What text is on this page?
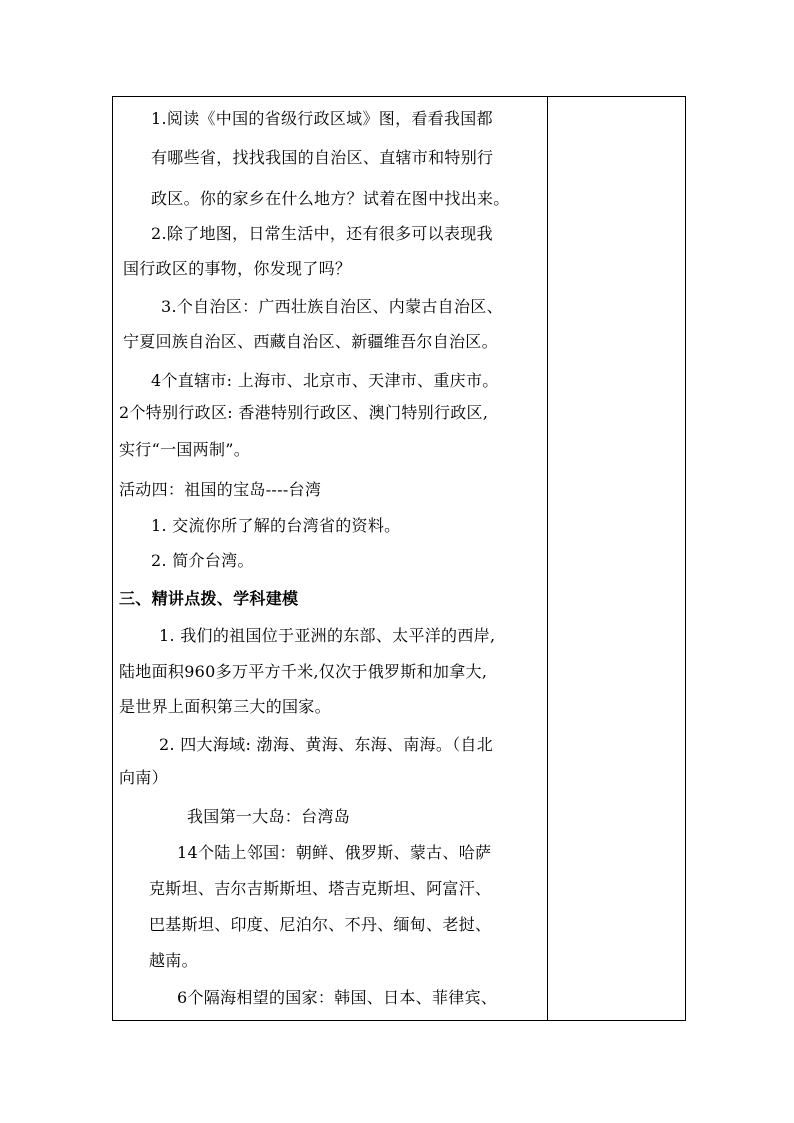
1.阅读《中国的省级行政区域》图，看看我国都

有哪些省，找找我国的自治区、直辖市和特别行

政区。你的家乡在什么地方？试着在图中找出来。

2.除了地图，日常生活中，还有很多可以表现我

国行政区的事物，你发现了吗？

3.个自治区：广西壮族自治区、内蒙古自治区、

宁夏回族自治区、西藏自治区、新疆维吾尔自治区。

4个直辖市: 上海市、北京市、天津市、重庆市。

2个特别行政区: 香港特别行政区、澳门特别行政区,

实行“一国两制”。

活动四：祖国的宝岛----台湾

1. 交流你所了解的台湾省的资料。

2. 简介台湾。

三、精讲点拨、学科建模

1. 我们的祖国位于亚洲的东部、太平洋的西岸,

陆地面积960多万平方千米,仅次于俄罗斯和加拿大,

是世界上面积第三大的国家。

2. 四大海域: 渤海、黄海、东海、南海。（自北

向南）

我国第一大岛：台湾岛

14个陆上邻国：朝鲜、俄罗斯、蒙古、哈萨

克斯坦、吉尔吉斯斯坦、塔吉克斯坦、阿富汗、

巴基斯坦、印度、尼泊尔、不丹、缅甸、老挝、

越南。

6个隔海相望的国家：韩国、日本、菲律宾、
